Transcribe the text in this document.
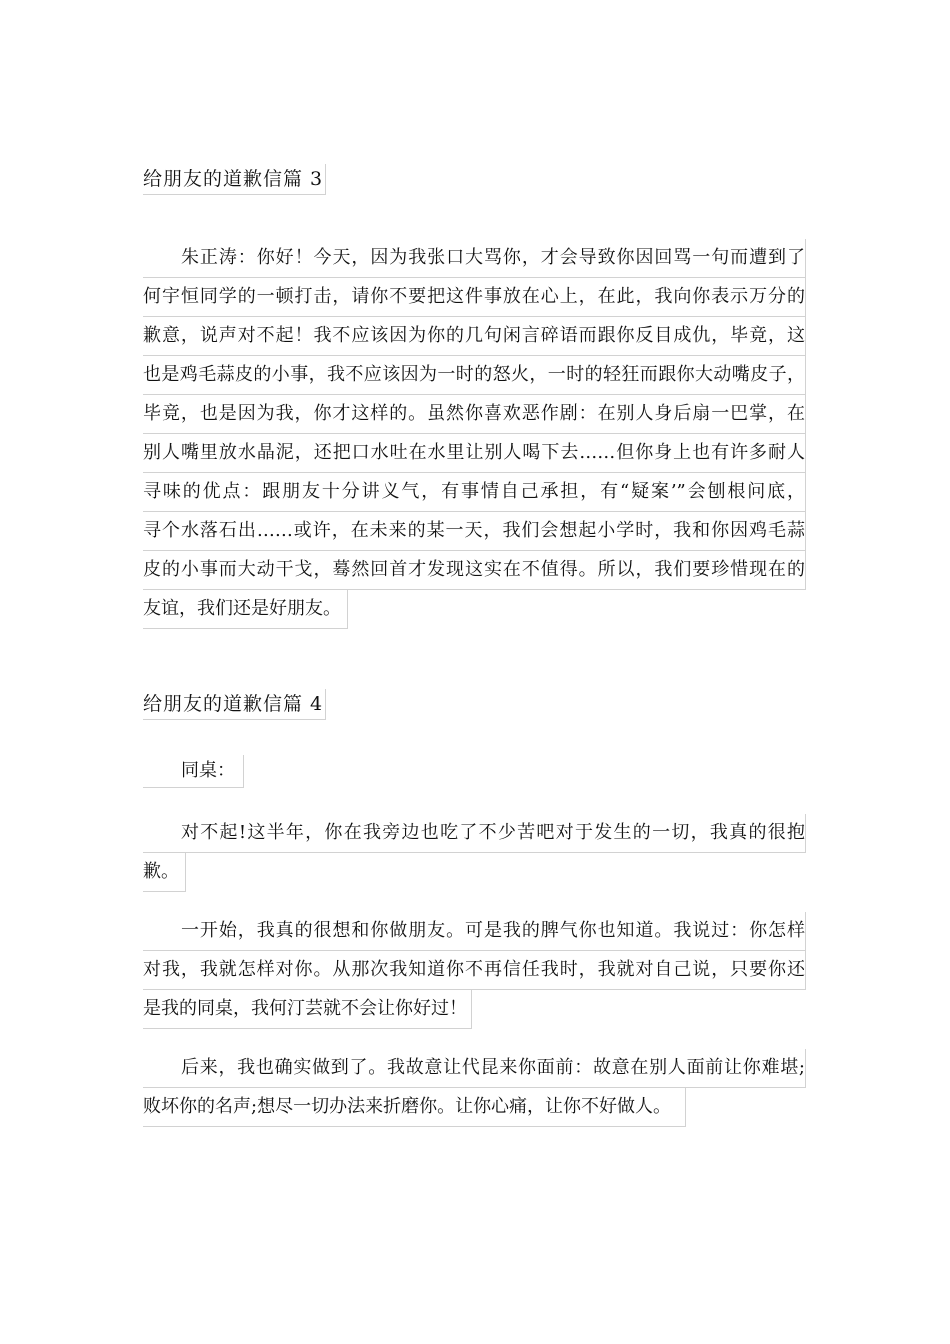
给朋友的道歉信篇 3
朱正涛：你好！今天，因为我张口大骂你，才会导致你因回骂一句而遭到了
何宇恒同学的一顿打击，请你不要把这件事放在心上，在此，我向你表示万分的
歉意，说声对不起！我不应该因为你的几句闲言碎语而跟你反目成仇，毕竟，这
也是鸡毛蒜皮的小事，我不应该因为一时的怒火，一时的轻狂而跟你大动嘴皮子，
毕竟，也是因为我，你才这样的。虽然你喜欢恶作剧：在别人身后扇一巴掌，在
别人嘴里放水晶泥，还把口水吐在水里让别人喝下去……但你身上也有许多耐人
寻味的优点：跟朋友十分讲义气，有事情自己承担，有“疑案’”会刨根问底，
寻个水落石出……或许，在未来的某一天，我们会想起小学时，我和你因鸡毛蒜
皮的小事而大动干戈，蓦然回首才发现这实在不值得。所以，我们要珍惜现在的
友谊，我们还是好朋友。
给朋友的道歉信篇 4
同桌：
对不起!这半年，你在我旁边也吃了不少苦吧对于发生的一切，我真的很抱
歉。
一开始，我真的很想和你做朋友。可是我的脾气你也知道。我说过：你怎样
对我，我就怎样对你。从那次我知道你不再信任我时，我就对自己说，只要你还
是我的同桌，我何汀芸就不会让你好过！
后来，我也确实做到了。我故意让代昆来你面前：故意在别人面前让你难堪;
败坏你的名声;想尽一切办法来折磨你。让你心痛，让你不好做人。
